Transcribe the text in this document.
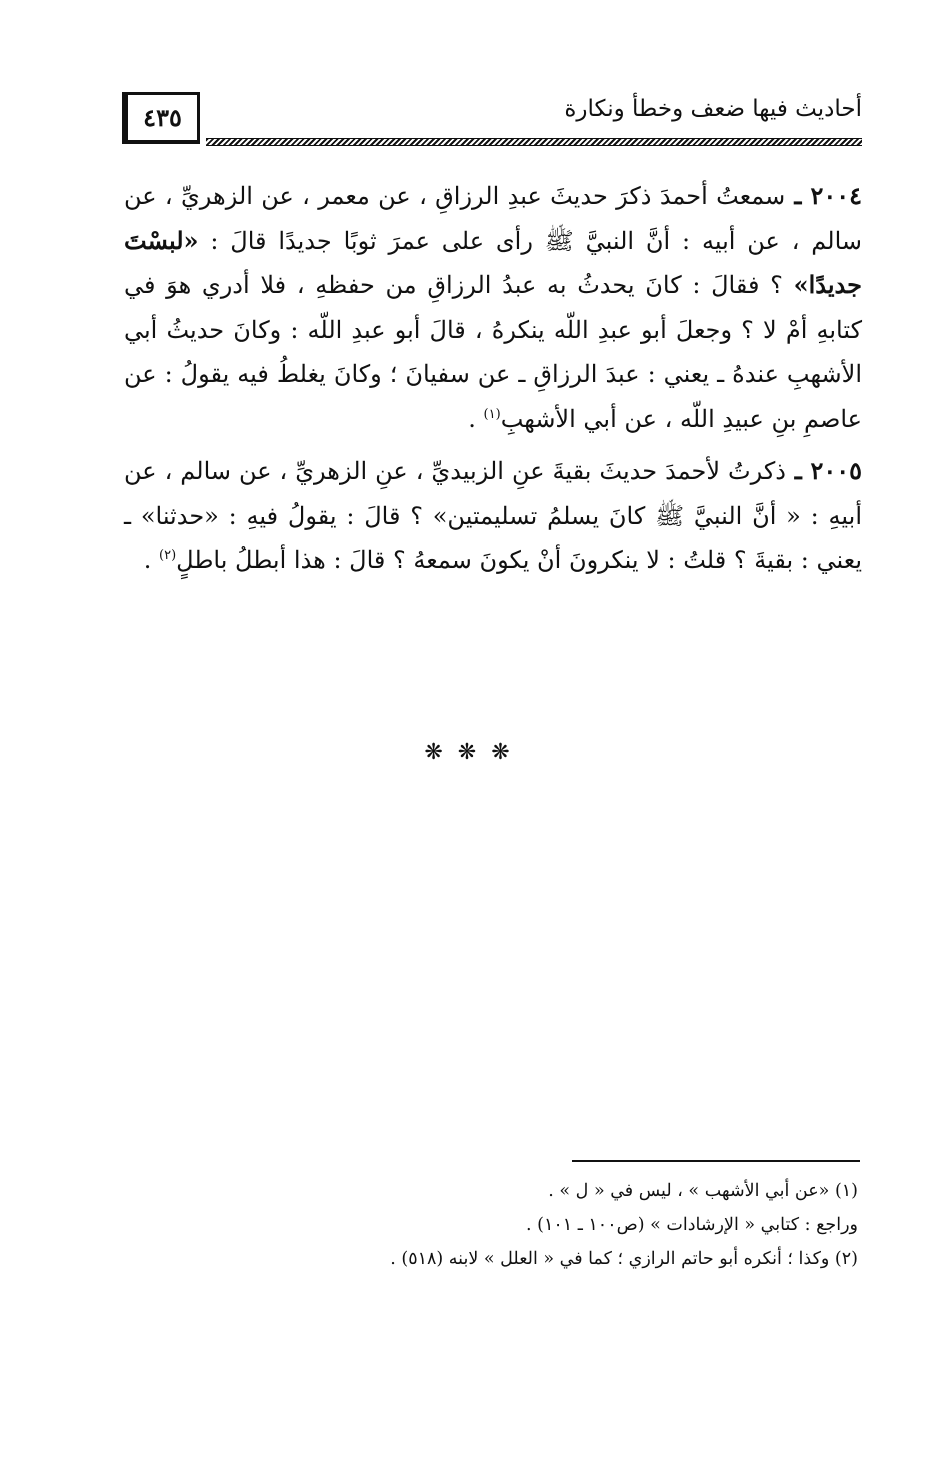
٤٣٥	أحاديث فيها ضعف وخطأ ونكارة

٢٠٠٤ ـ سمعتُ أحمدَ ذكرَ حديثَ عبدِ الرزاقِ ، عن معمر ، عن الزهريِّ ، عن سالم ، عن أبيه : أنَّ النبيَّ ﷺ رأى على عمرَ ثوبًا جديدًا قالَ : «لبسْتَ جديدًا» ؟ فقالَ : كانَ يحدثُ به عبدُ الرزاقِ من حفظهِ ، فلا أدري هوَ في كتابهِ أمْ لا ؟ وجعلَ أبو عبدِ اللّه ينكرهُ ، قالَ أبو عبدِ اللّه : وكانَ حديثُ أبي الأشهبِ عندهُ ـ يعني : عبدَ الرزاقِ ـ عن سفيانَ ؛ وكانَ يغلطُ فيه يقولُ : عن عاصمِ بنِ عبيدِ اللّه ، عن أبي الأشهبِ$^{(١)}$ .

٢٠٠٥ ـ ذكرتُ لأحمدَ حديثَ بقيةَ عنِ الزبيديِّ ، عنِ الزهريِّ ، عن سالم ، عن أبيهِ : « أنَّ النبيَّ ﷺ كانَ يسلمُ تسليمتين» ؟ قالَ : يقولُ فيهِ : «حدثنا» ـ يعني : بقيةَ ؟ قلتُ : لا ينكرونَ أنْ يكونَ سمعهُ ؟ قالَ : هذا أبطلُ باطلٍ$^{(٢)}$ .

❋ ❋ ❋

(١) «عن أبي الأشهب » ، ليس في « ل » .

وراجع : كتابي « الإرشادات » (ص١٠٠ ـ ١٠١) .

(٢) وكذا ؛ أنكره أبو حاتم الرازي ؛ كما في « العلل » لابنه (٥١٨) .
